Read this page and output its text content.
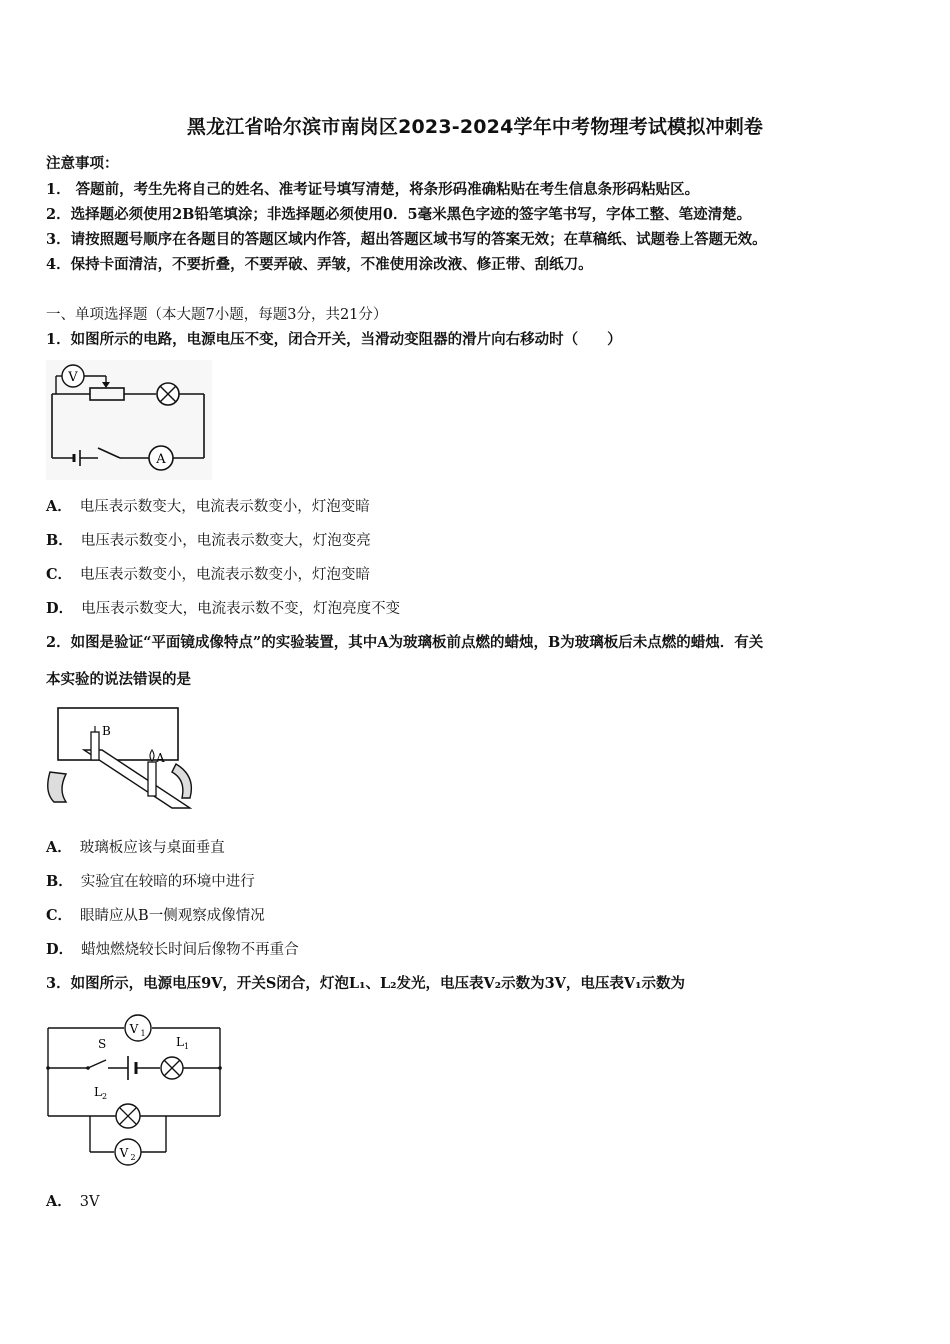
黑龙江省哈尔滨市南岗区2023-2024学年中考物理考试模拟冲刺卷
注意事项：
1． 答题前，考生先将自己的姓名、准考证号填写清楚，将条形码准确粘贴在考生信息条形码粘贴区。
2．选择题必须使用2B铅笔填涂；非选择题必须使用0．5毫米黑色字迹的签字笔书写，字体工整、笔迹清楚。
3．请按照题号顺序在各题目的答题区域内作答，超出答题区域书写的答案无效；在草稿纸、试题卷上答题无效。
4．保持卡面清洁，不要折叠，不要弄破、弄皱，不准使用涂改液、修正带、刮纸刀。
一、单项选择题（本大题7小题，每题3分，共21分）
1．如图所示的电路，电源电压不变，闭合开关，当滑动变阻器的滑片向右移动时（　　）
V
A
A． 电压表示数变大，电流表示数变小，灯泡变暗
B． 电压表示数变小，电流表示数变大，灯泡变亮
C． 电压表示数变小，电流表示数变小，灯泡变暗
D． 电压表示数变大，电流表示数不变，灯泡亮度不变
2．如图是验证“平面镜成像特点”的实验装置，其中A为玻璃板前点燃的蜡烛，B为玻璃板后未点燃的蜡烛．有关
本实验的说法错误的是
B
A
A． 玻璃板应该与桌面垂直
B． 实验宜在较暗的环境中进行
C． 眼睛应从B一侧观察成像情况
D． 蜡烛燃烧较长时间后像物不再重合
3．如图所示，电源电压9V，开关S闭合，灯泡L₁、L₂发光，电压表V₂示数为3V，电压表V₁示数为
V 1
S	L 1
L 2
V 2
A． 3V
